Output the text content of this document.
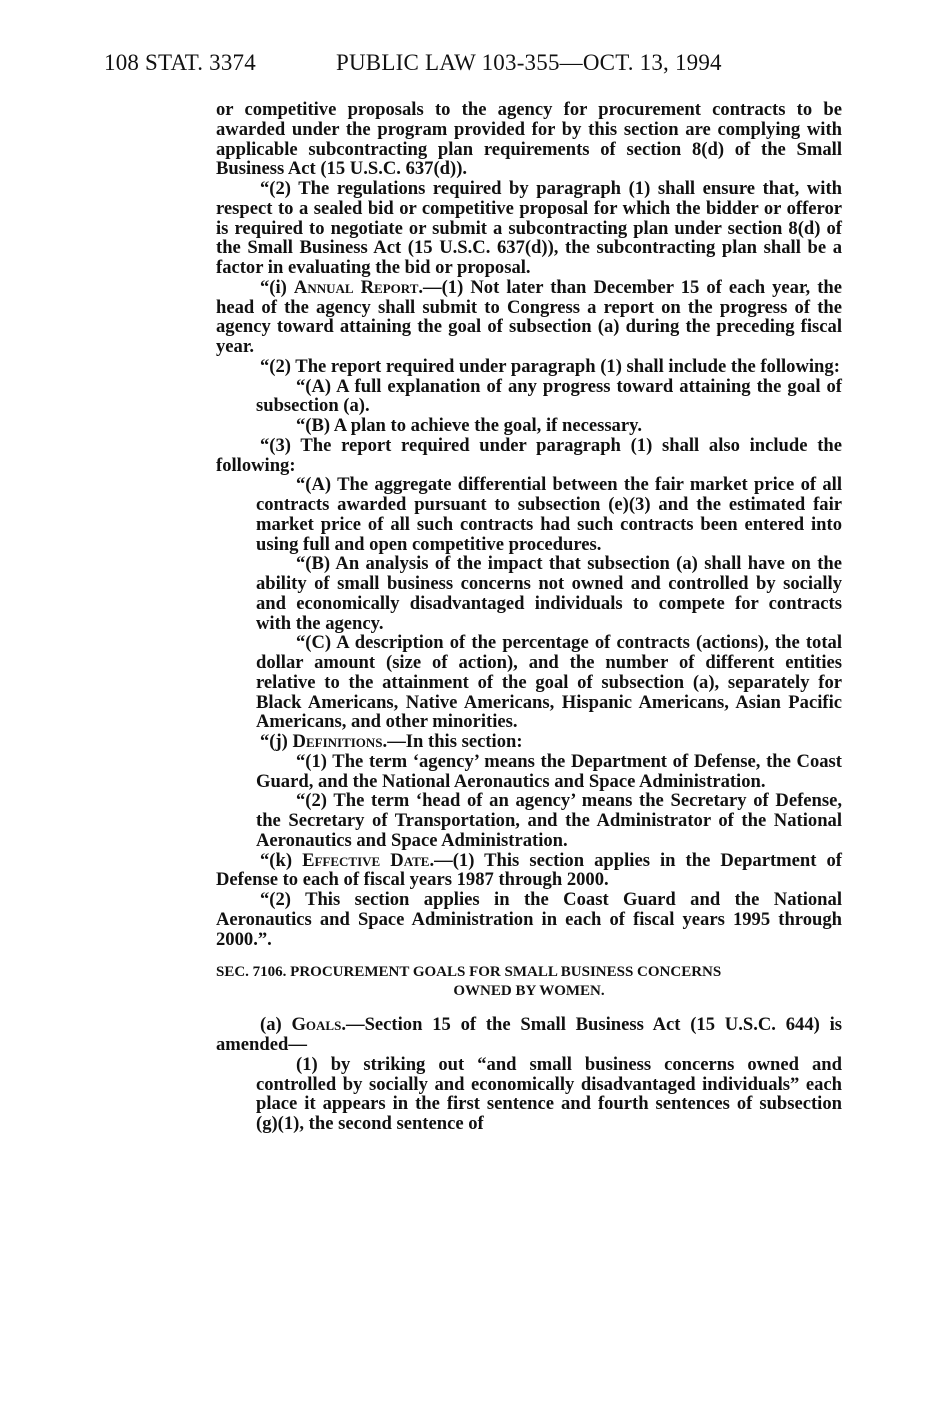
108 STAT. 3374	PUBLIC LAW 103-355—OCT. 13, 1994

or competitive proposals to the agency for procurement contracts to be awarded under the program provided for by this section are complying with applicable subcontracting plan requirements of section 8(d) of the Small Business Act (15 U.S.C. 637(d)).

“(2) The regulations required by paragraph (1) shall ensure that, with respect to a sealed bid or competitive proposal for which the bidder or offeror is required to negotiate or submit a subcontracting plan under section 8(d) of the Small Business Act (15 U.S.C. 637(d)), the subcontracting plan shall be a factor in evaluating the bid or proposal.

“(i) Annual Report.—(1) Not later than December 15 of each year, the head of the agency shall submit to Congress a report on the progress of the agency toward attaining the goal of subsection (a) during the preceding fiscal year.

“(2) The report required under paragraph (1) shall include the following:

“(A) A full explanation of any progress toward attaining the goal of subsection (a).

“(B) A plan to achieve the goal, if necessary.

“(3) The report required under paragraph (1) shall also include the following:

“(A) The aggregate differential between the fair market price of all contracts awarded pursuant to subsection (e)(3) and the estimated fair market price of all such contracts had such contracts been entered into using full and open competitive procedures.

“(B) An analysis of the impact that subsection (a) shall have on the ability of small business concerns not owned and controlled by socially and economically disadvantaged individuals to compete for contracts with the agency.

“(C) A description of the percentage of contracts (actions), the total dollar amount (size of action), and the number of different entities relative to the attainment of the goal of subsection (a), separately for Black Americans, Native Americans, Hispanic Americans, Asian Pacific Americans, and other minorities.

“(j) Definitions.—In this section:

“(1) The term ‘agency’ means the Department of Defense, the Coast Guard, and the National Aeronautics and Space Administration.

“(2) The term ‘head of an agency’ means the Secretary of Defense, the Secretary of Transportation, and the Administrator of the National Aeronautics and Space Administration.

“(k) Effective Date.—(1) This section applies in the Department of Defense to each of fiscal years 1987 through 2000.

“(2) This section applies in the Coast Guard and the National Aeronautics and Space Administration in each of fiscal years 1995 through 2000.”.

SEC. 7106. PROCUREMENT GOALS FOR SMALL BUSINESS CONCERNS
OWNED BY WOMEN.

(a) Goals.—Section 15 of the Small Business Act (15 U.S.C. 644) is amended—

(1) by striking out “and small business concerns owned and controlled by socially and economically disadvantaged individuals” each place it appears in the first sentence and fourth sentences of subsection (g)(1), the second sentence of
